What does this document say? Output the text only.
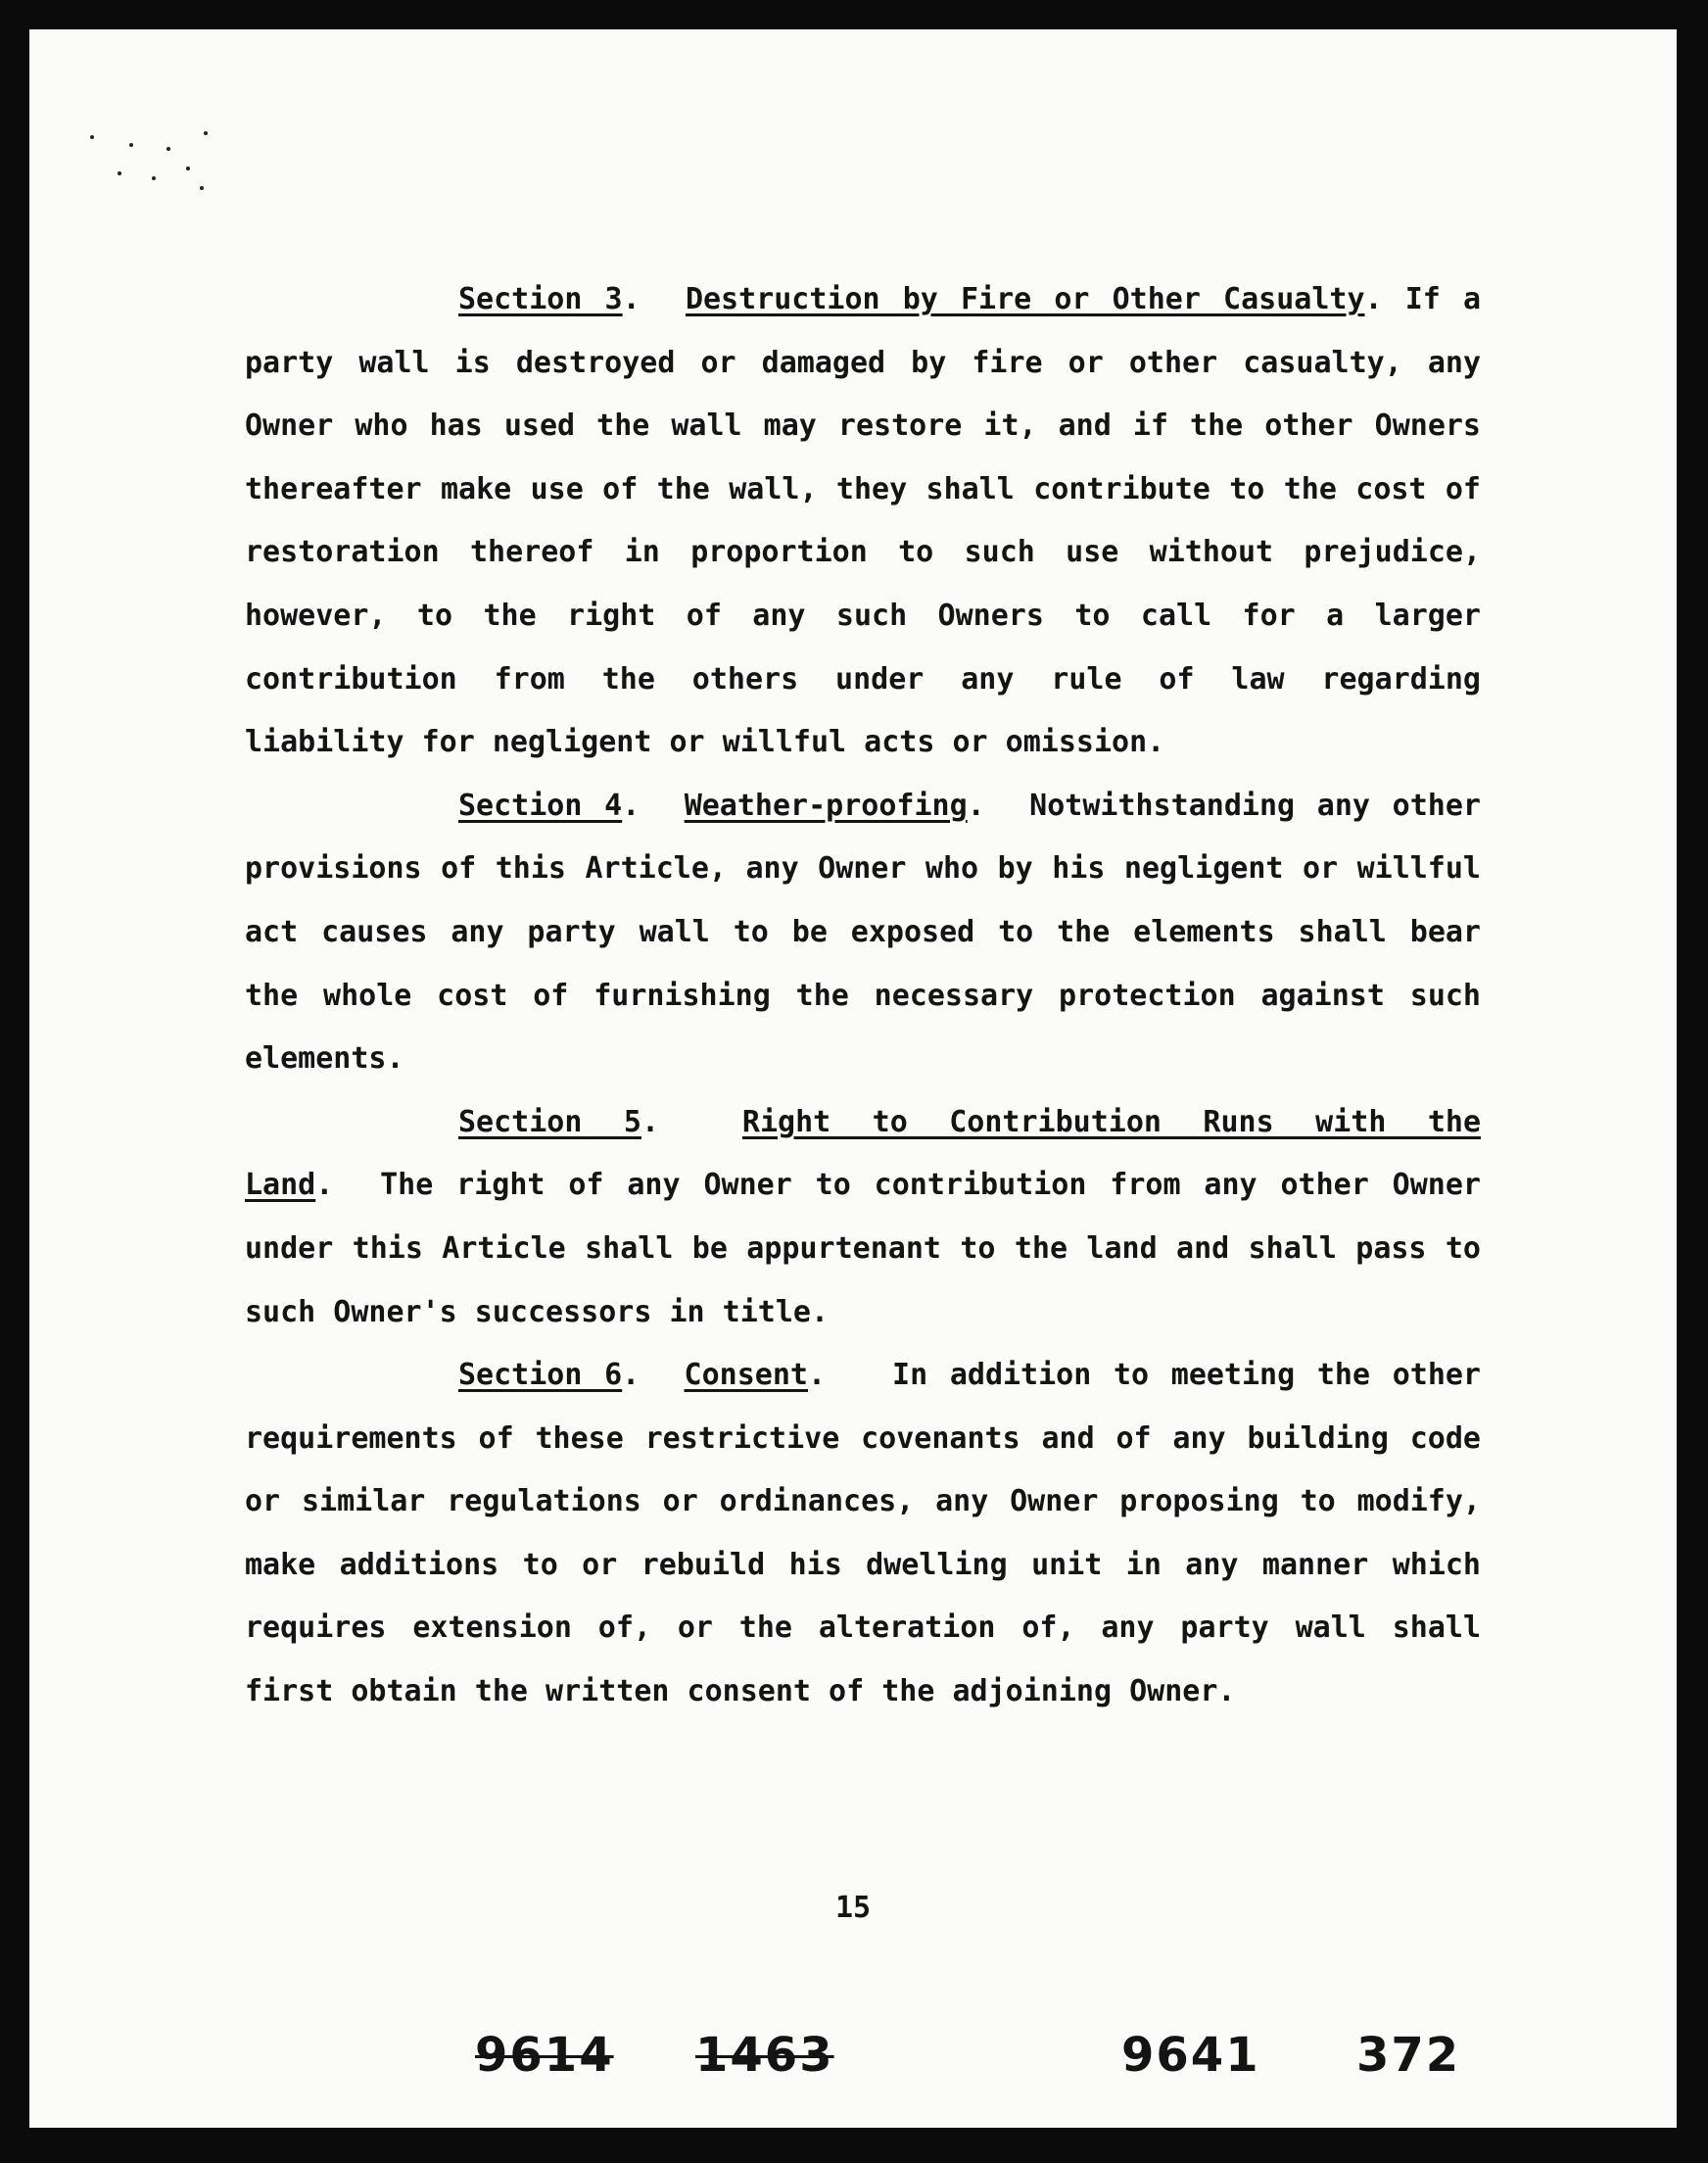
Section 3.  Destruction by Fire or Other Casualty. If a party wall is destroyed or damaged by fire or other casualty, any Owner who has used the wall may restore it, and if the other Owners thereafter make use of the wall, they shall contribute to the cost of restoration thereof in proportion to such use without prejudice, however, to the right of any such Owners to call for a larger contribution from the others under any rule of law regarding liability for negligent or willful acts or omission.

Section 4.  Weather-proofing. Notwithstanding any other provisions of this Article, any Owner who by his negligent or willful act causes any party wall to be exposed to the elements shall bear the whole cost of furnishing the necessary protection against such elements.

Section 5.  Right to Contribution Runs with the Land. The right of any Owner to contribution from any other Owner under this Article shall be appurtenant to the land and shall pass to such Owner's successors in title.

Section 6.  Consent. In addition to meeting the other requirements of these restrictive covenants and of any building code or similar regulations or ordinances, any Owner proposing to modify, make additions to or rebuild his dwelling unit in any manner which requires extension of, or the alteration of, any party wall shall first obtain the written consent of the adjoining Owner.

15
9614 1463	9641 372
